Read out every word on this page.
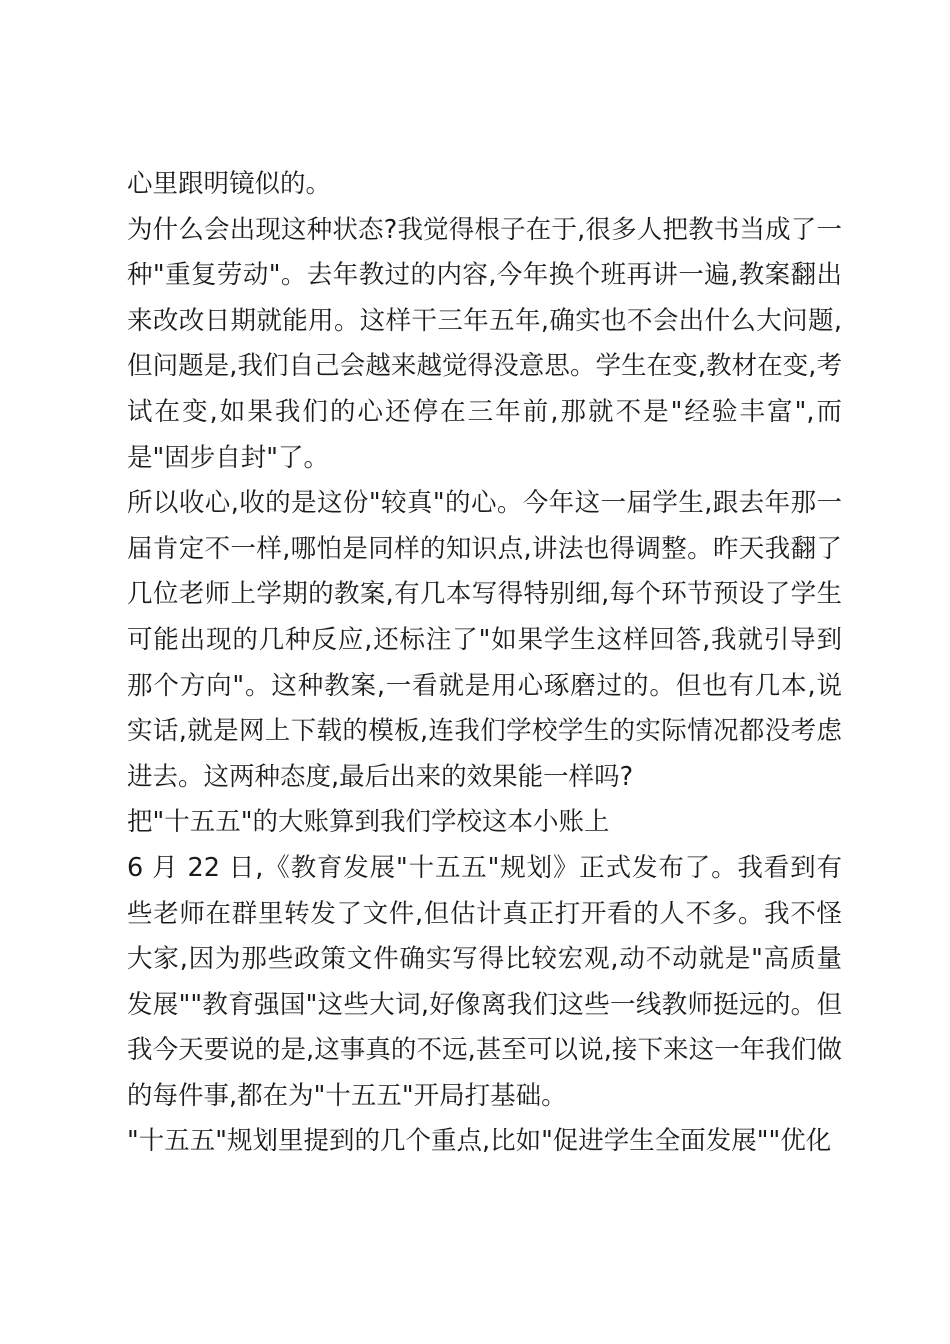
心里跟明镜似的。

为什么会出现这种状态?我觉得根子在于,很多人把教书当成了一种"重复劳动"。去年教过的内容,今年换个班再讲一遍,教案翻出来改改日期就能用。这样干三年五年,确实也不会出什么大问题,但问题是,我们自己会越来越觉得没意思。学生在变,教材在变,考试在变,如果我们的心还停在三年前,那就不是"经验丰富",而是"固步自封"了。

所以收心,收的是这份"较真"的心。今年这一届学生,跟去年那一届肯定不一样,哪怕是同样的知识点,讲法也得调整。昨天我翻了几位老师上学期的教案,有几本写得特别细,每个环节预设了学生可能出现的几种反应,还标注了"如果学生这样回答,我就引导到那个方向"。这种教案,一看就是用心琢磨过的。但也有几本,说实话,就是网上下载的模板,连我们学校学生的实际情况都没考虑进去。这两种态度,最后出来的效果能一样吗?

把"十五五"的大账算到我们学校这本小账上

6 月 22 日,《教育发展"十五五"规划》正式发布了。我看到有些老师在群里转发了文件,但估计真正打开看的人不多。我不怪大家,因为那些政策文件确实写得比较宏观,动不动就是"高质量发展""教育强国"这些大词,好像离我们这些一线教师挺远的。但我今天要说的是,这事真的不远,甚至可以说,接下来这一年我们做的每件事,都在为"十五五"开局打基础。

"十五五"规划里提到的几个重点,比如"促进学生全面发展""优化
